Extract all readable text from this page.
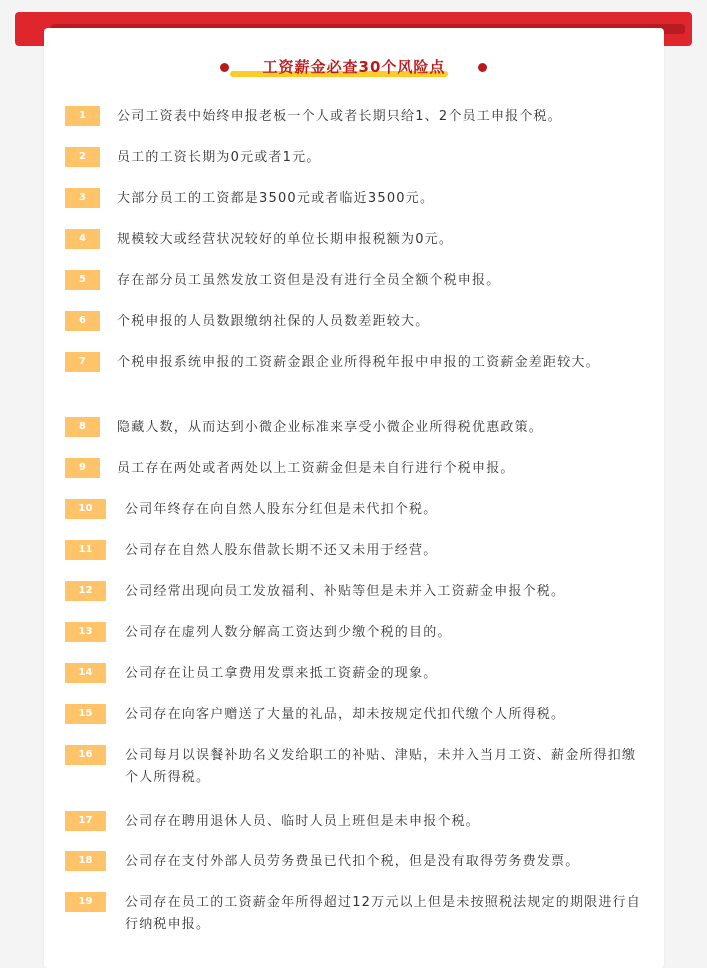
工资薪金必查30个风险点
1	公司工资表中始终申报老板一个人或者长期只给1、2个员工申报个税。
2	员工的工资长期为0元或者1元。
3	大部分员工的工资都是3500元或者临近3500元。
4	规模较大或经营状况较好的单位长期申报税额为0元。
5	存在部分员工虽然发放工资但是没有进行全员全额个税申报。
6	个税申报的人员数跟缴纳社保的人员数差距较大。
7	个税申报系统申报的工资薪金跟企业所得税年报中申报的工资薪金差距较大。
8	隐藏人数，从而达到小微企业标准来享受小微企业所得税优惠政策。
9	员工存在两处或者两处以上工资薪金但是未自行进行个税申报。
10	公司年终存在向自然人股东分红但是未代扣个税。
11	公司存在自然人股东借款长期不还又未用于经营。
12	公司经常出现向员工发放福利、补贴等但是未并入工资薪金申报个税。
13	公司存在虚列人数分解高工资达到少缴个税的目的。
14	公司存在让员工拿费用发票来抵工资薪金的现象。
15	公司存在向客户赠送了大量的礼品，却未按规定代扣代缴个人所得税。
16	公司每月以误餐补助名义发给职工的补贴、津贴，未并入当月工资、薪金所得扣缴个人所得税。
17	公司存在聘用退休人员、临时人员上班但是未申报个税。
18	公司存在支付外部人员劳务费虽已代扣个税，但是没有取得劳务费发票。
19	公司存在员工的工资薪金年所得超过12万元以上但是未按照税法规定的期限进行自行纳税申报。
